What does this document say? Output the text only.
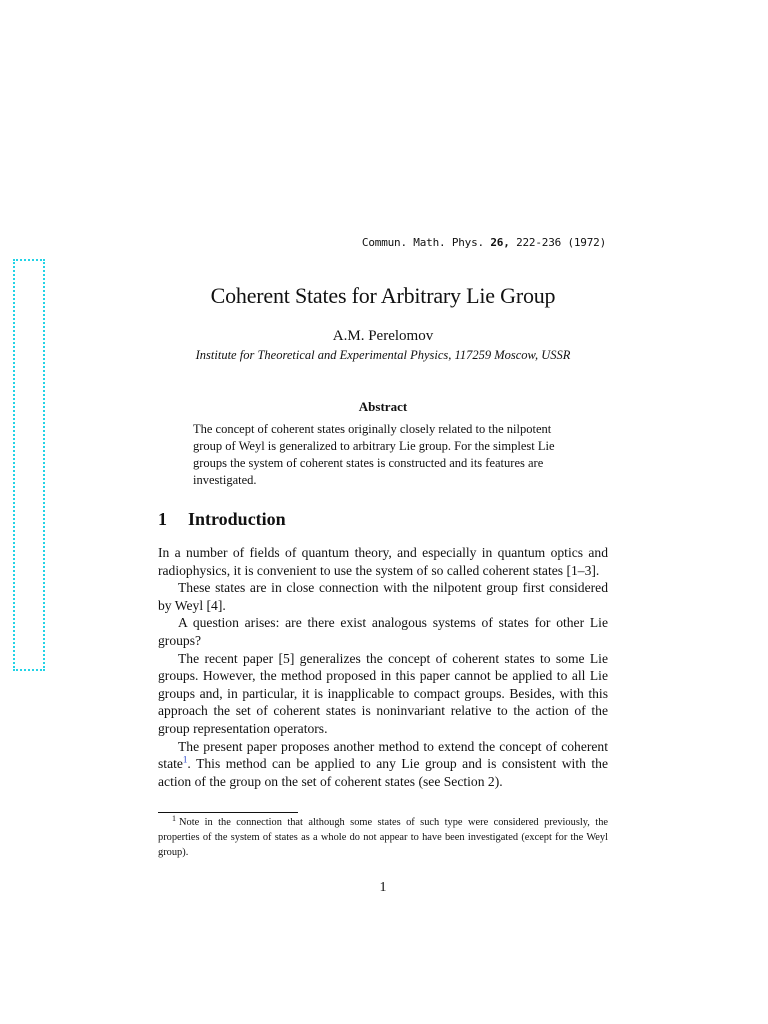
Commun. Math. Phys. 26, 222-236 (1972)
Coherent States for Arbitrary Lie Group
A.M. Perelomov
Institute for Theoretical and Experimental Physics, 117259 Moscow, USSR
Abstract
The concept of coherent states originally closely related to the nilpotent group of Weyl is generalized to arbitrary Lie group. For the simplest Lie groups the system of coherent states is constructed and its features are investigated.
1 Introduction

In a number of fields of quantum theory, and especially in quantum optics and radiophysics, it is convenient to use the system of so called coherent states [1–3].

These states are in close connection with the nilpotent group first considered by Weyl [4].

A question arises: are there exist analogous systems of states for other Lie groups?

The recent paper [5] generalizes the concept of coherent states to some Lie groups. However, the method proposed in this paper cannot be applied to all Lie groups and, in particular, it is inapplicable to compact groups. Besides, with this approach the set of coherent states is noninvariant relative to the action of the group representation operators.

The present paper proposes another method to extend the concept of coherent state$^1$. This method can be applied to any Lie group and is consistent with the action of the group on the set of coherent states (see Section 2).

$^1$ Note in the connection that although some states of such type were considered previously, the properties of the system of states as a whole do not appear to have been investigated (except for the Weyl group).
1
